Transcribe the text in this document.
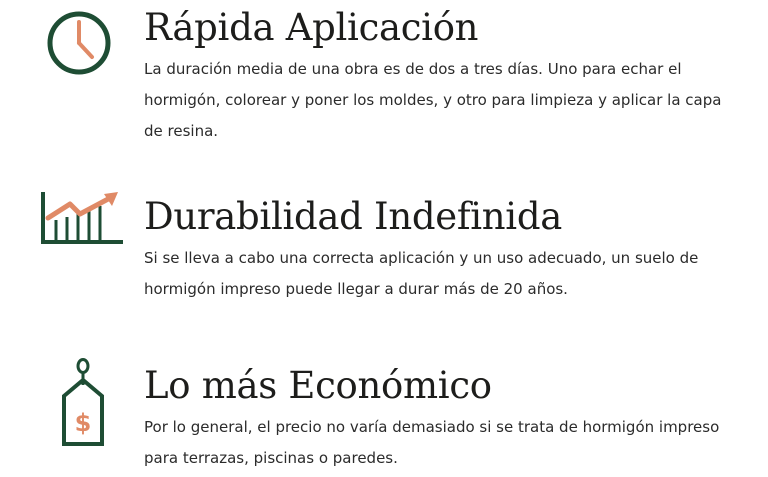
Rápida Aplicación

La duración media de una obra es de dos a tres días. Uno para echar el hormigón, colorear y poner los moldes, y otro para limpieza y aplicar la capa de resina.

Durabilidad Indefinida

Si se lleva a cabo una correcta aplicación y un uso adecuado, un suelo de hormigón impreso puede llegar a durar más de 20 años.

$
Lo más Económico

Por lo general, el precio no varía demasiado si se trata de hormigón impreso para terrazas, piscinas o paredes.
